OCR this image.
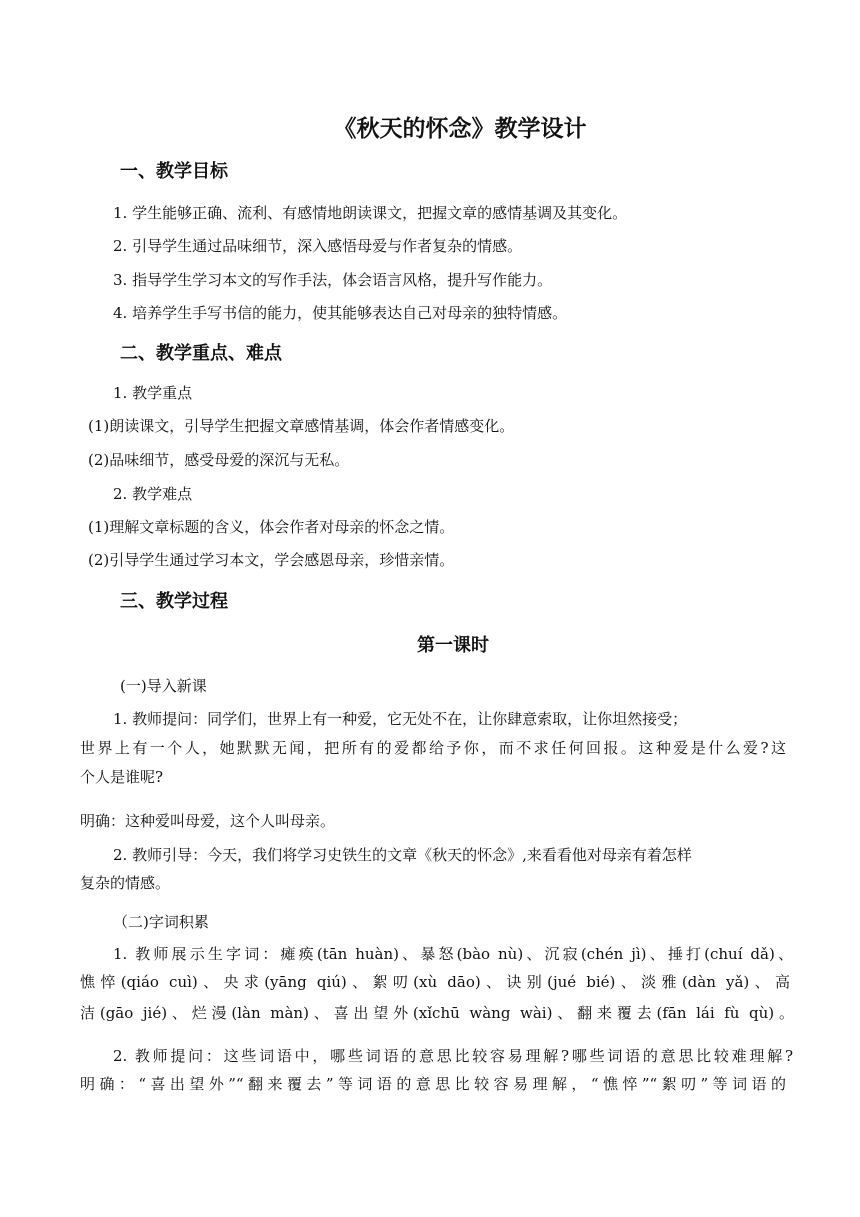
《秋天的怀念》教学设计
一、教学目标
1. 学生能够正确、流利、有感情地朗读课文，把握文章的感情基调及其变化。
2. 引导学生通过品味细节，深入感悟母爱与作者复杂的情感。
3. 指导学生学习本文的写作手法，体会语言风格，提升写作能力。
4. 培养学生手写书信的能力，使其能够表达自己对母亲的独特情感。
二、教学重点、难点
1. 教学重点
(1)朗读课文，引导学生把握文章感情基调，体会作者情感变化。
(2)品味细节，感受母爱的深沉与无私。
2. 教学难点
(1)理解文章标题的含义，体会作者对母亲的怀念之情。
(2)引导学生通过学习本文，学会感恩母亲，珍惜亲情。
三、教学过程
第一课时
(一)导入新课
1. 教师提问：同学们，世界上有一种爱，它无处不在，让你肆意索取，让你坦然接受；
世界上有一个人，她默默无闻，把所有的爱都给予你，而不求任何回报。这种爱是什么爱?这
个人是谁呢?
明确：这种爱叫母爱，这个人叫母亲。
2. 教师引导：今天，我们将学习史铁生的文章《秋天的怀念》,来看看他对母亲有着怎样
复杂的情感。
（二)字词积累
1. 教师展示生字词：瘫痪(tān huàn)、暴怒(bào nù)、沉寂(chén jì)、捶打(chuí dǎ)、
憔悴(qiáo cuì)、央求(yāng qiú)、絮叨(xù dāo)、诀别(jué bié)、淡雅(dàn yǎ)、高
洁(gāo jié)、烂漫(làn màn)、喜出望外(xǐchū wàng wài)、翻来覆去(fān lái fù qù)。
2. 教师提问：这些词语中，哪些词语的意思比较容易理解?哪些词语的意思比较难理解?
明确：“喜出望外”“翻来覆去”等词语的意思比较容易理解，“憔悴”“絮叨”等词语的
